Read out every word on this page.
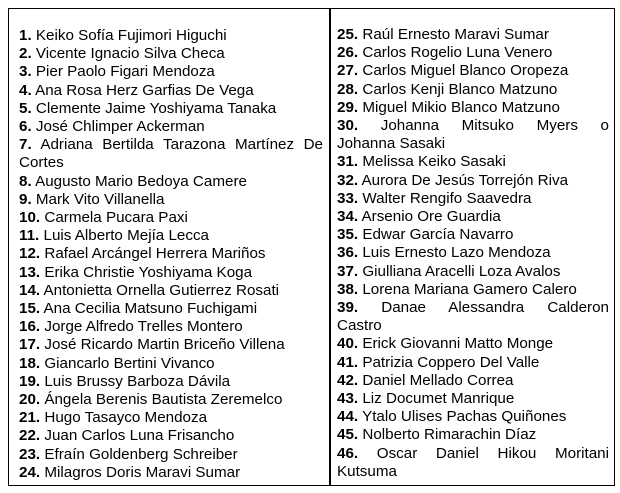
1. Keiko Sofía Fujimori Higuchi
2. Vicente Ignacio Silva Checa
3. Pier Paolo Figari Mendoza
4. Ana Rosa Herz Garfias De Vega
5. Clemente Jaime Yoshiyama Tanaka
6. José Chlimper Ackerman
7. Adriana Bertilda Tarazona Martínez De
Cortes
8. Augusto Mario Bedoya Camere
9. Mark Vito Villanella
10. Carmela Pucara Paxi
11. Luis Alberto Mejía Lecca
12. Rafael Arcángel Herrera Mariños
13. Erika Christie Yoshiyama Koga
14. Antonietta Ornella Gutierrez Rosati
15. Ana Cecilia Matsuno Fuchigami
16. Jorge Alfredo Trelles Montero
17. José Ricardo Martin Briceño Villena
18. Giancarlo Bertini Vivanco
19. Luis Brussy Barboza Dávila
20. Ángela Berenis Bautista Zeremelco
21. Hugo Tasayco Mendoza
22. Juan Carlos Luna Frisancho
23. Efraín Goldenberg Schreiber
24. Milagros Doris Maravi Sumar
25. Raúl Ernesto Maravi Sumar
26. Carlos Rogelio Luna Venero
27. Carlos Miguel Blanco Oropeza
28. Carlos Kenji Blanco Matzuno
29. Miguel Mikio Blanco Matzuno
30. Johanna Mitsuko Myers o
Johanna Sasaki
31. Melissa Keiko Sasaki
32. Aurora De Jesús Torrejón Riva
33. Walter Rengifo Saavedra
34. Arsenio Ore Guardia
35. Edwar García Navarro
36. Luis Ernesto Lazo Mendoza
37. Giulliana Aracelli Loza Avalos
38. Lorena Mariana Gamero Calero
39. Danae Alessandra Calderon
Castro
40. Erick Giovanni Matto Monge
41. Patrizia Coppero Del Valle
42. Daniel Mellado Correa
43. Liz Documet Manrique
44. Ytalo Ulises Pachas Quiñones
45. Nolberto Rimarachin Díaz
46. Oscar Daniel Hikou Moritani
Kutsuma
